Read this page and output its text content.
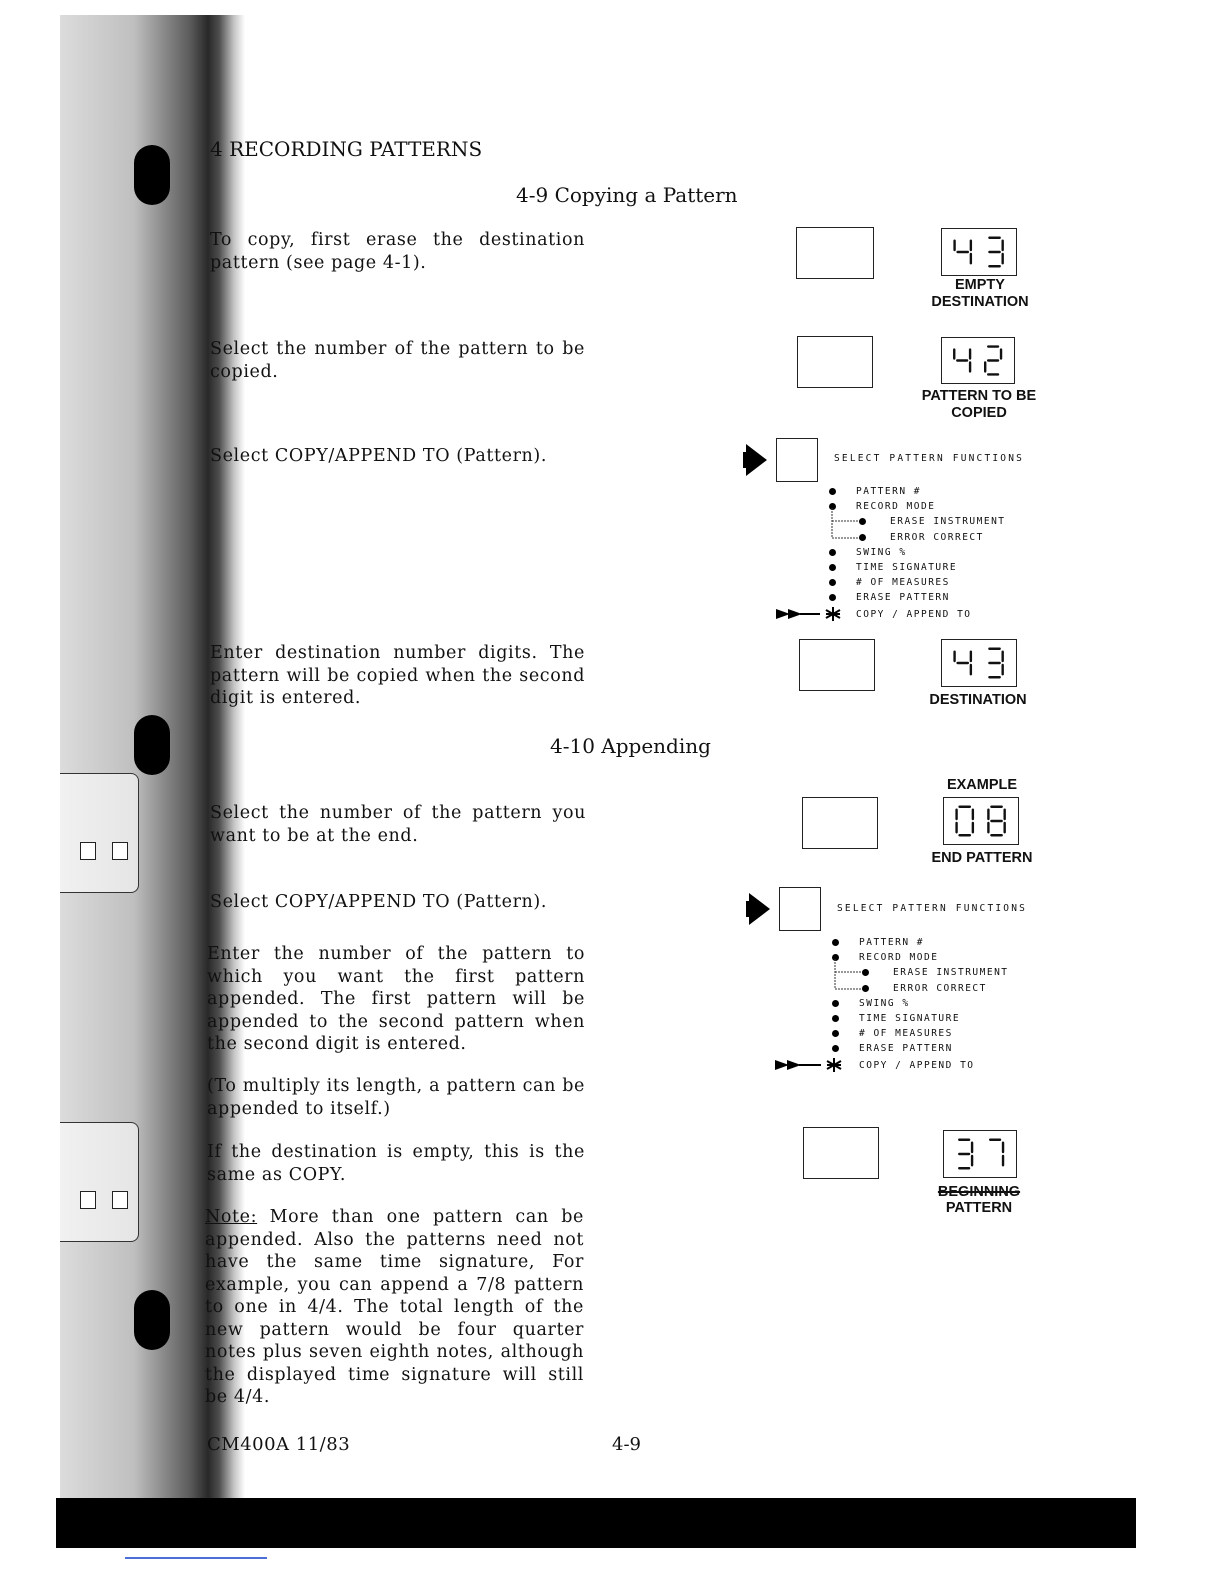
4 RECORDING PATTERNS
4-9 Copying a Pattern
4-10 Appending
To copy, first erase the destination pattern (see page 4-1).
Select the number of the pattern to be copied.
Select COPY/APPEND TO (Pattern).
Enter destination number digits. The pattern will be copied when the second digit is entered.
Select the number of the pattern you want to be at the end.
Select COPY/APPEND TO (Pattern).
Enter the number of the pattern to which you want the first pattern appended. The first pattern will be appended to the second pattern when the second digit is entered.
(To multiply its length, a pattern can be appended to itself.)
If the destination is empty, this is the same as COPY.
Note: More than one pattern can be appended. Also the patterns need not have the same time signature, For example, you can append a 7/8 pattern to one in 4/4. The total length of the new pattern would be four quarter notes plus seven eighth notes, although the displayed time signature will still be 4/4.
CM400A 11/83	4-9
EMPTY DESTINATION
PATTERN TO BE COPIED
SELECT PATTERN FUNCTIONS
PATTERN #
RECORD MODE
ERASE INSTRUMENT
ERROR CORRECT
SWING %
TIME SIGNATURE
# OF MEASURES
ERASE PATTERN
COPY / APPEND TO
DESTINATION
EXAMPLE
END PATTERN
SELECT PATTERN FUNCTIONS
PATTERN #
RECORD MODE
ERASE INSTRUMENT
ERROR CORRECT
SWING %
TIME SIGNATURE
# OF MEASURES
ERASE PATTERN
COPY / APPEND TO
BEGINNING
PATTERN
